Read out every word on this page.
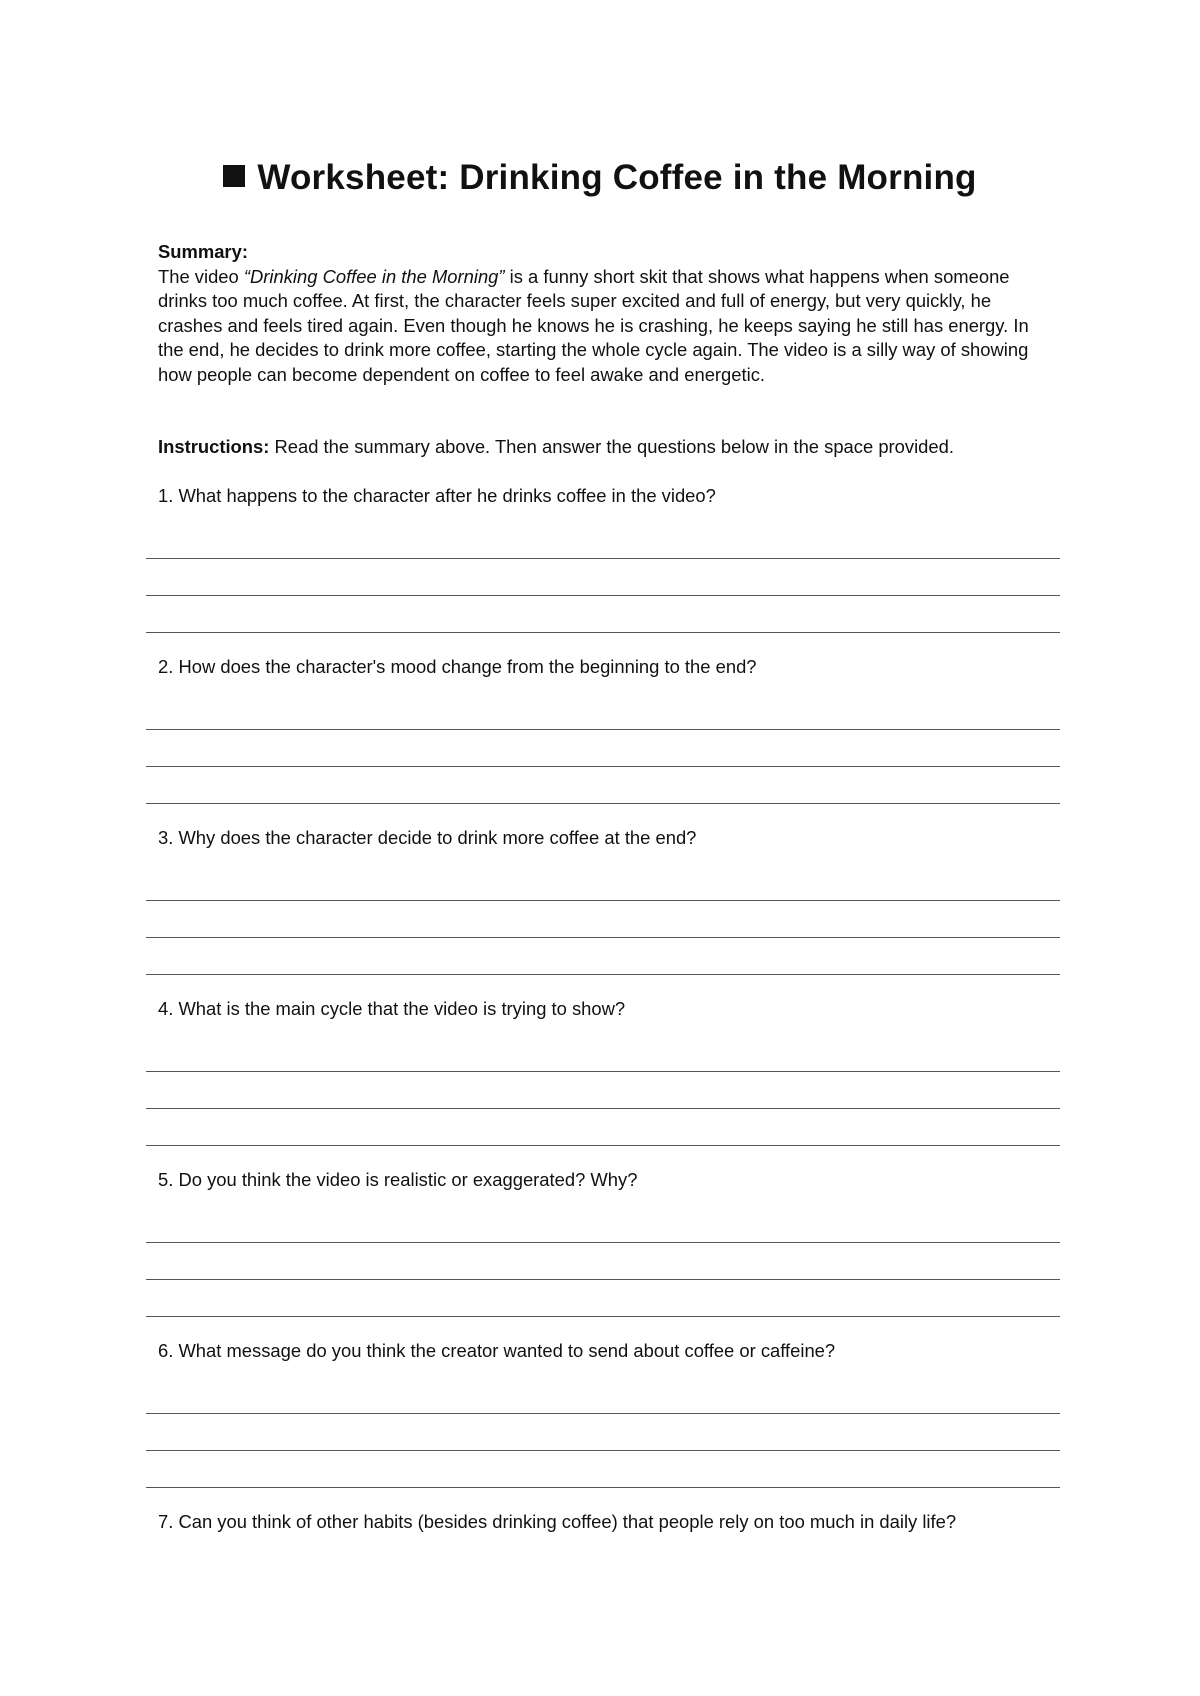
Worksheet: Drinking Coffee in the Morning
Summary:

The video “Drinking Coffee in the Morning” is a funny short skit that shows what happens when someone drinks too much coffee. At first, the character feels super excited and full of energy, but very quickly, he crashes and feels tired again. Even though he knows he is crashing, he keeps saying he still has energy. In the end, he decides to drink more coffee, starting the whole cycle again. The video is a silly way of showing how people can become dependent on coffee to feel awake and energetic.

Instructions: Read the summary above. Then answer the questions below in the space provided.
1. What happens to the character after he drinks coffee in the video?
2. How does the character's mood change from the beginning to the end?
3. Why does the character decide to drink more coffee at the end?
4. What is the main cycle that the video is trying to show?
5. Do you think the video is realistic or exaggerated? Why?
6. What message do you think the creator wanted to send about coffee or caffeine?
7. Can you think of other habits (besides drinking coffee) that people rely on too much in daily life?
